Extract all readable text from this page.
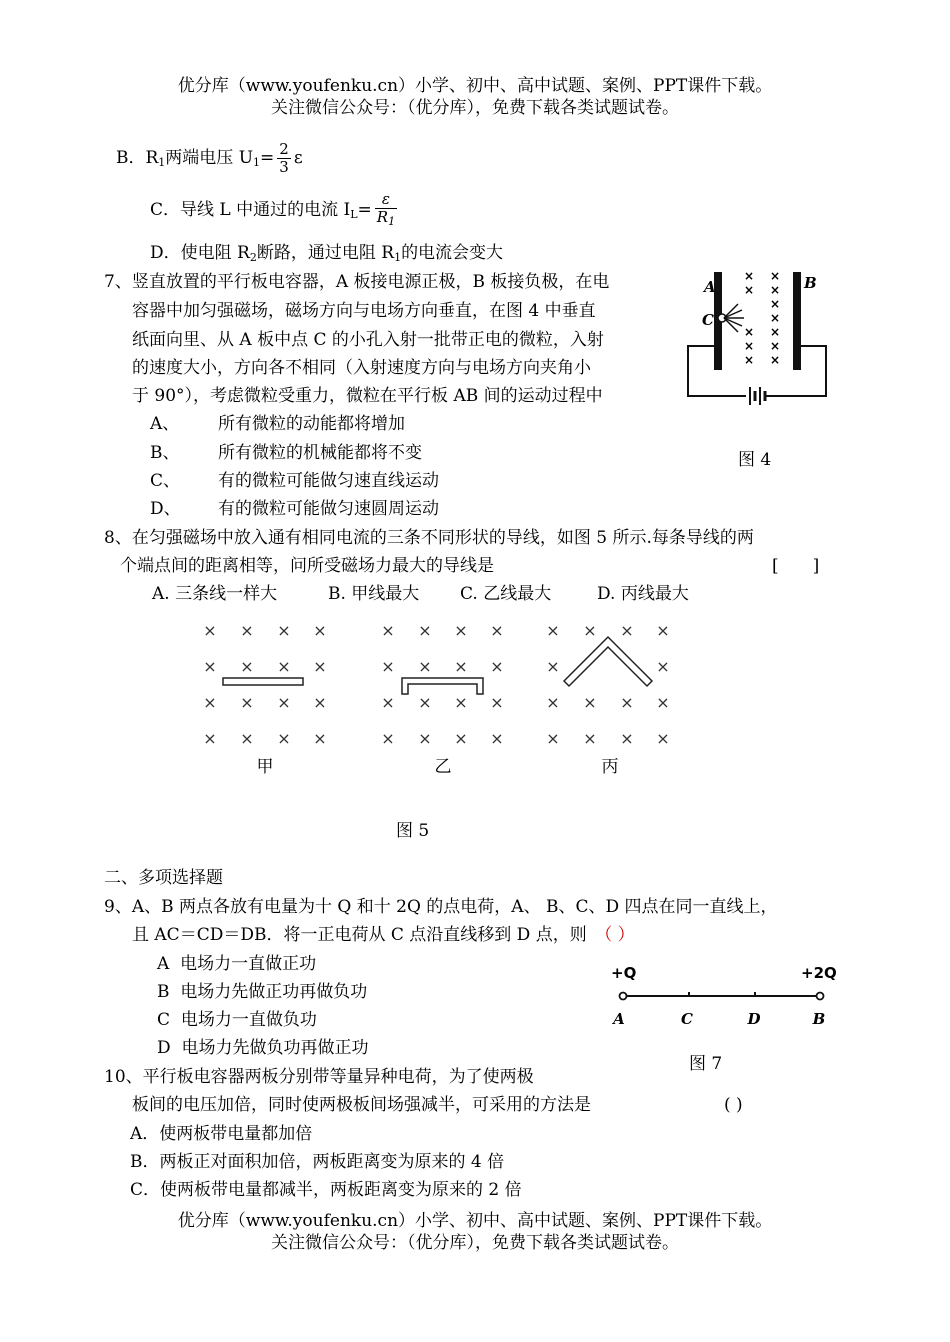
优分库（www.youfenku.cn）小学、初中、高中试题、案例、PPT课件下载。
关注微信公众号：（优分库），免费下载各类试题试卷。
B．$R_1$两端电压 $U_1= \frac{2}{3}$ ε
C．导线 L 中通过的电流 $I_L= \frac{\varepsilon}{R_1}$
D．使电阻 $R_2$断路，通过电阻 $R_1$的电流会变大
7、竖直放置的平行板电容器，A 板接电源正极，B 板接负极，在电
容器中加匀强磁场，磁场方向与电场方向垂直，在图 4 中垂直
纸面向里、从 A 板中点 C 的小孔入射一批带正电的微粒，入射
的速度大小，方向各不相同（入射速度方向与电场方向夹角小
于 90°），考虑微粒受重力，微粒在平行板 AB 间的运动过程中
A、 所有微粒的动能都将增加
B、 所有微粒的机械能都将不变
C、 有的微粒可能做匀速直线运动
D、 有的微粒可能做匀速圆周运动
× ×
× ×
×
×
× ×
× ×
× ×
A	B
C
图 4
8、在匀强磁场中放入通有相同电流的三条不同形状的导线，如图 5 所示.每条导线的两
个端点间的距离相等，问所受磁场力最大的导线是	[　　]
A. 三条线一样大	B. 甲线最大 C. 乙线最大	D. 丙线最大
× × × ×
× × × ×
× × × ×
× × × ×
× × × ×
× × × ×
× × × ×
× × × ×
× × × ×
×	×
× × × ×
× × × ×
甲	乙	丙
图 5
二、多项选择题
9、A、B 两点各放有电量为十 Q 和十 2Q 的点电荷，A、 B、C、D 四点在同一直线上，
且 AC＝CD＝DB．将一正电荷从 C 点沿直线移到 D 点，则　 （ ）
A 电场力一直做正功
B 电场力先做正功再做负功
C 电场力一直做负功
D 电场力先做负功再做正功
+Q	+2Q
A	C	D	B
图 7
10、平行板电容器两板分别带等量异种电荷，为了使两极
板间的电压加倍，同时使两极板间场强减半，可采用的方法是	( )
A．使两板带电量都加倍
B．两板正对面积加倍，两板距离变为原来的 4 倍
C．使两板带电量都减半，两板距离变为原来的 2 倍
优分库（www.youfenku.cn）小学、初中、高中试题、案例、PPT课件下载。
关注微信公众号：（优分库），免费下载各类试题试卷。
